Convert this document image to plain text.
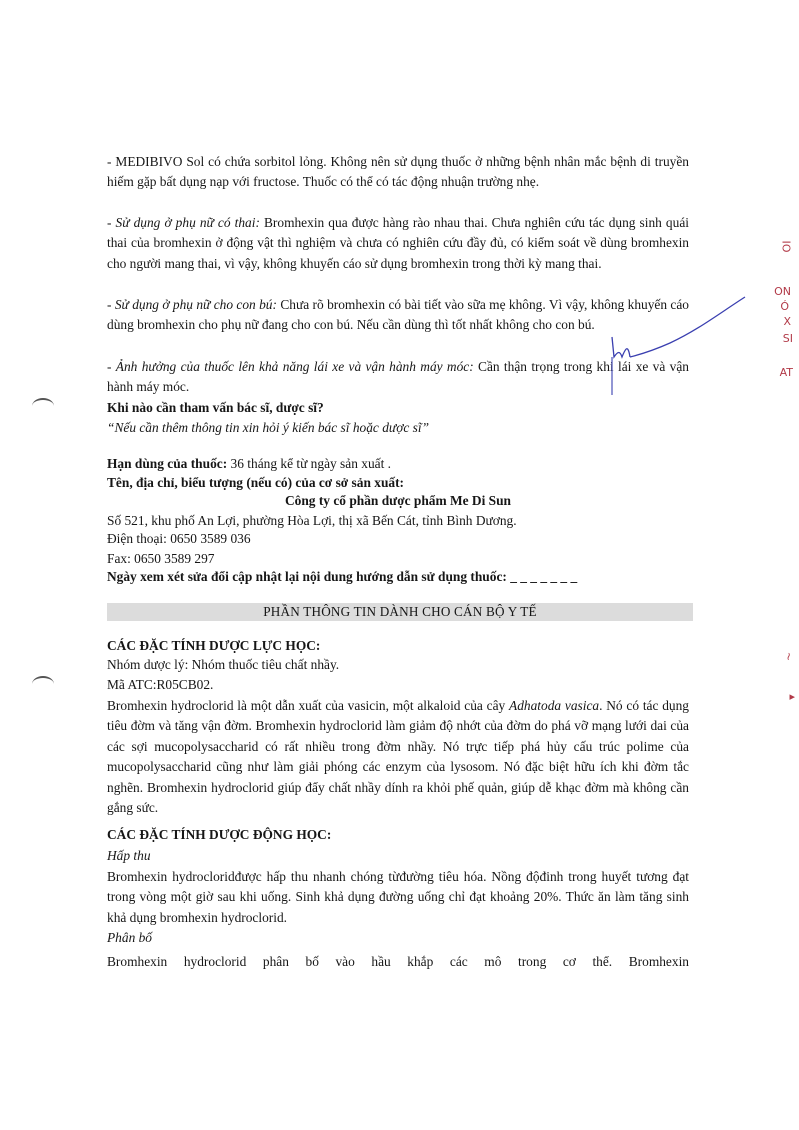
- MEDIBIVO Sol có chứa sorbitol lỏng. Không nên sử dụng thuốc ở những bệnh nhân mắc bệnh di truyền hiếm gặp bất dụng nạp với fructose. Thuốc có thể có tác động nhuận trường nhẹ.

- Sử dụng ở phụ nữ có thai: Bromhexin qua được hàng rào nhau thai. Chưa nghiên cứu tác dụng sinh quái thai của bromhexin ở động vật thì nghiệm và chưa có nghiên cứu đầy đủ, có kiểm soát về dùng bromhexin cho người mang thai, vì vậy, không khuyến cáo sử dụng bromhexin trong thời kỳ mang thai.

- Sử dụng ở phụ nữ cho con bú: Chưa rõ bromhexin có bài tiết vào sữa mẹ không. Vì vậy, không khuyến cáo dùng bromhexin cho phụ nữ đang cho con bú. Nếu cần dùng thì tốt nhất không cho con bú.

- Ảnh hưởng của thuốc lên khả năng lái xe và vận hành máy móc: Cần thận trọng trong khi lái xe và vận hành máy móc.

Khi nào cần tham vấn bác sĩ, dược sĩ?
“Nếu cần thêm thông tin xin hỏi ý kiến bác sĩ hoặc dược sĩ”
Hạn dùng của thuốc: 36 tháng kể từ ngày sản xuất .
Tên, địa chỉ, biểu tượng (nếu có) của cơ sở sản xuất:
Công ty cổ phần dược phẩm Me Di Sun
Số 521, khu phố An Lợi, phường Hòa Lợi, thị xã Bến Cát, tỉnh Bình Dương.
Điện thoại: 0650 3589 036
Fax: 0650 3589 297
Ngày xem xét sửa đổi cập nhật lại nội dung hướng dẫn sử dụng thuốc: _ _ _ _ _ _ _
PHẦN THÔNG TIN DÀNH CHO CÁN BỘ Y TẾ
CÁC ĐẶC TÍNH DƯỢC LỰC HỌC:
Nhóm dược lý: Nhóm thuốc tiêu chất nhầy.
Mã ATC:R05CB02.

Bromhexin hydroclorid là một dẫn xuất của vasicin, một alkaloid của cây Adhatoda vasica. Nó có tác dụng tiêu đờm và tăng vận đờm. Bromhexin hydroclorid làm giảm độ nhớt của đờm do phá vỡ mạng lưới dai của các sợi mucopolysaccharid có rất nhiều trong đờm nhầy. Nó trực tiếp phá hủy cấu trúc polime của mucopolysaccharid cũng như làm giải phóng các enzym của lysosom. Nó đặc biệt hữu ích khi đờm tắc nghẽn. Bromhexin hydroclorid giúp đẩy chất nhầy dính ra khỏi phế quản, giúp dễ khạc đờm mà không cần gắng sức.

CÁC ĐẶC TÍNH DƯỢC ĐỘNG HỌC:
Hấp thu

Bromhexin hydrocloridđược hấp thu nhanh chóng từđường tiêu hóa. Nồng độđinh trong huyết tương đạt trong vòng một giờ sau khi uống. Sinh khả dụng đường uống chỉ đạt khoảng 20%. Thức ăn làm tăng sinh khả dụng bromhexin hydroclorid.

Phân bố

Bromhexin hydroclorid phân bố vào hầu khắp các mô trong cơ thể. Bromhexin

OI
ON
Ó
X
SI
AT
~
▸
